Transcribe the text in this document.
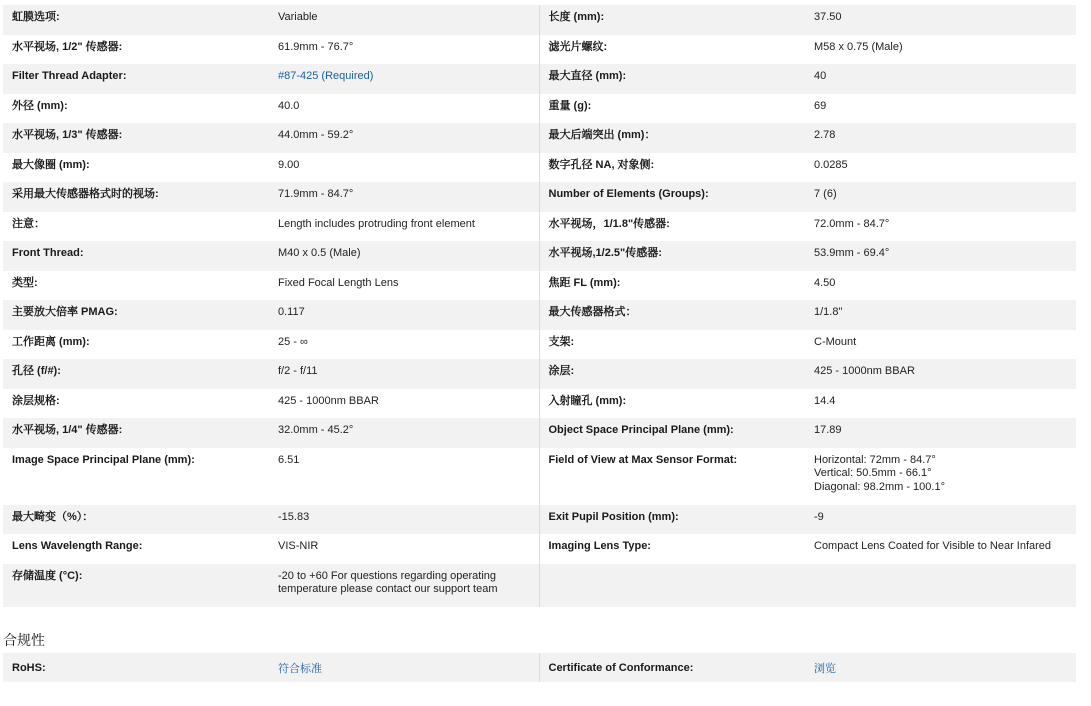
虹膜选项:	Variable	长度 (mm):	37.50
水平视场, 1/2" 传感器:	61.9mm - 76.7°	滤光片螺纹:	M58 x 0.75 (Male)
Filter Thread Adapter:	#87-425 (Required)	最大直径 (mm):	40
外径 (mm):	40.0	重量 (g):	69
水平视场, 1/3" 传感器:	44.0mm - 59.2°	最大后端突出 (mm)：	2.78
最大像圈 (mm):	9.00	数字孔径 NA, 对象侧:	0.0285
采用最大传感器格式时的视场:	71.9mm - 84.7°	Number of Elements (Groups):	7 (6)
注意：	Length includes protruding front element	水平视场，1/1.8"传感器:	72.0mm - 84.7°
Front Thread:	M40 x 0.5 (Male)	水平视场,1/2.5"传感器:	53.9mm - 69.4°
类型:	Fixed Focal Length Lens	焦距 FL (mm):	4.50
主要放大倍率 PMAG:	0.117	最大传感器格式：	1/1.8"
工作距离 (mm):	25 - ∞	支架:	C-Mount
孔径 (f/#):	f/2 - f/11	涂层:	425 - 1000nm BBAR
涂层规格:	425 - 1000nm BBAR	入射瞳孔 (mm):	14.4
水平视场, 1/4" 传感器:	32.0mm - 45.2°	Object Space Principal Plane (mm):	17.89
Image Space Principal Plane (mm):	6.51	Field of View at Max Sensor Format:	Horizontal: 72mm - 84.7°
Vertical: 50.5mm - 66.1°
Diagonal: 98.2mm - 100.1°

最大畸变（%）：	-15.83	Exit Pupil Position (mm):	-9
Lens Wavelength Range:	VIS-NIR	Imaging Lens Type:	Compact Lens Coated for Visible to Near Infared
存储温度 (°C):	-20 to +60 For questions regarding operating
temperature please contact our support team		

合规性
RoHS:	符合标准	Certificate of Conformance:	浏览
